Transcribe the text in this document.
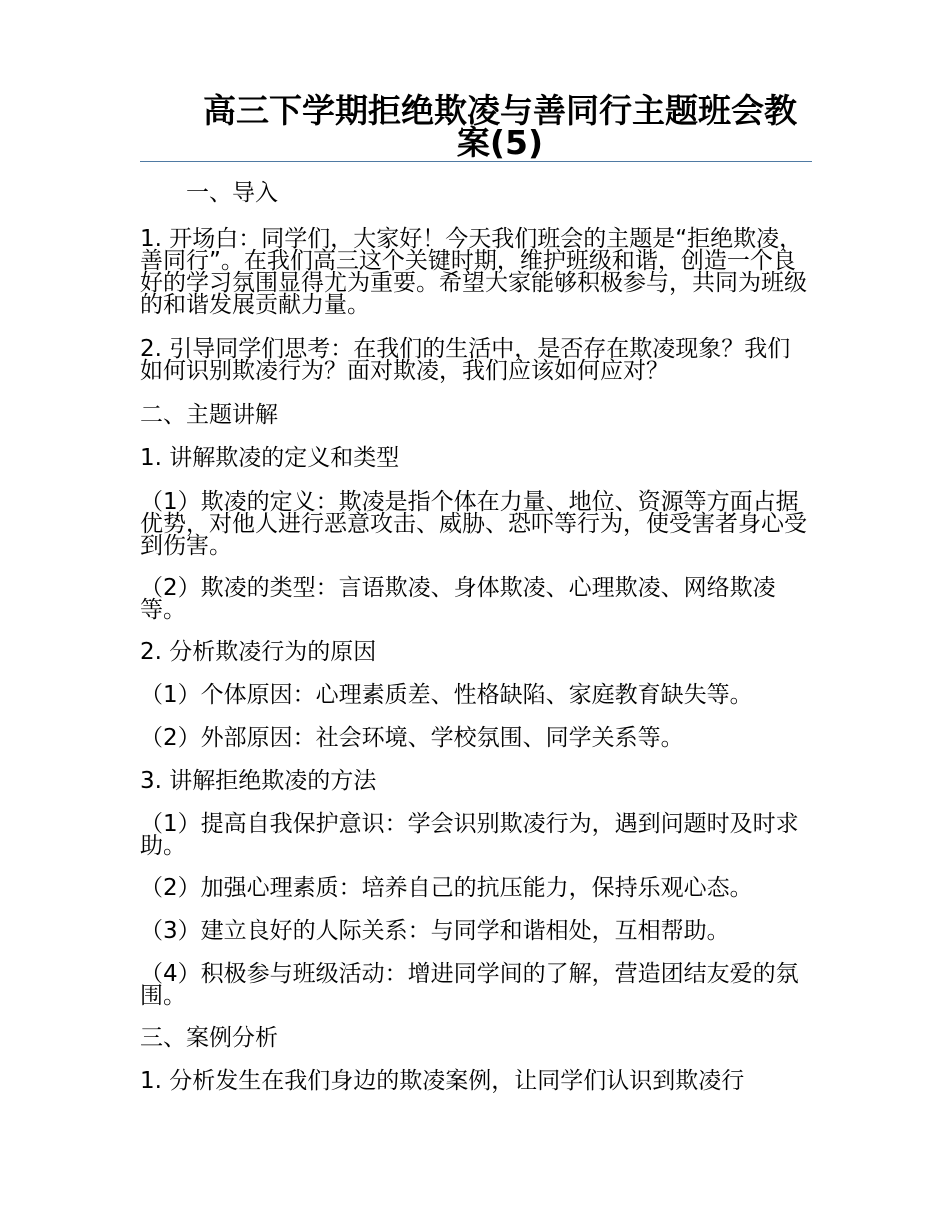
高三下学期拒绝欺凌与善同行主题班会教案(5)

一、导入

1. 开场白：同学们，大家好！今天我们班会的主题是“拒绝欺凌，善同行”。在我们高三这个关键时期，维护班级和谐，创造一个良好的学习氛围显得尤为重要。希望大家能够积极参与，共同为班级的和谐发展贡献力量。

2. 引导同学们思考：在我们的生活中，是否存在欺凌现象？我们如何识别欺凌行为？面对欺凌，我们应该如何应对？

二、主题讲解

1. 讲解欺凌的定义和类型

（1）欺凌的定义：欺凌是指个体在力量、地位、资源等方面占据优势，对他人进行恶意攻击、威胁、恐吓等行为，使受害者身心受到伤害。

（2）欺凌的类型：言语欺凌、身体欺凌、心理欺凌、网络欺凌等。

2. 分析欺凌行为的原因

（1）个体原因：心理素质差、性格缺陷、家庭教育缺失等。

（2）外部原因：社会环境、学校氛围、同学关系等。

3. 讲解拒绝欺凌的方法

（1）提高自我保护意识：学会识别欺凌行为，遇到问题时及时求助。

（2）加强心理素质：培养自己的抗压能力，保持乐观心态。

（3）建立良好的人际关系：与同学和谐相处，互相帮助。

（4）积极参与班级活动：增进同学间的了解，营造团结友爱的氛围。

三、案例分析

1. 分析发生在我们身边的欺凌案例，让同学们认识到欺凌行
